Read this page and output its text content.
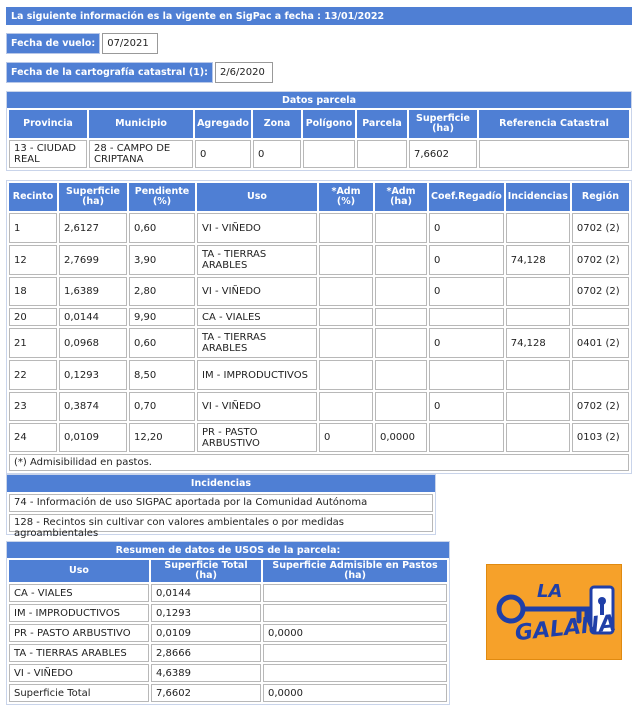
La siguiente información es la vigente en SigPac a fecha : 13/01/2022
Fecha de vuelo:	07/2021
Fecha de la cartografía catastral (1):	2/6/2020
Datos parcela
Provincia	Municipio	Agregado	Zona	Polígono	Parcela	Superficie (ha)	Referencia Catastral
13 - CIUDAD REAL	28 - CAMPO DE CRIPTANA	0	0			7,6602	
Recinto	Superficie (ha)	Pendiente (%)	Uso	*Adm (%)	*Adm (ha)	Coef.Regadío	Incidencias	Región
1	2,6127	0,60	VI - VIÑEDO			0		0702 (2)
12	2,7699	3,90	TA - TIERRAS ARABLES			0	74,128	0702 (2)
18	1,6389	2,80	VI - VIÑEDO			0		0702 (2)
20	0,0144	9,90	CA - VIALES					
21	0,0968	0,60	TA - TIERRAS ARABLES			0	74,128	0401 (2)
22	0,1293	8,50	IM - IMPRODUCTIVOS					
23	0,3874	0,70	VI - VIÑEDO			0		0702 (2)
24	0,0109	12,20	PR - PASTO ARBUSTIVO	0	0,0000			0103 (2)
(*) Admisibilidad en pastos.
Incidencias
74 - Información de uso SIGPAC aportada por la Comunidad Autónoma
128 - Recintos sin cultivar con valores ambientales o por medidas agroambientales
Resumen de datos de USOS de la parcela:
Uso	Superficie Total (ha)	Superficie Admisible en Pastos (ha)
CA - VIALES	0,0144	
IM - IMPRODUCTIVOS	0,1293	
PR - PASTO ARBUSTIVO	0,0109	0,0000
TA - TIERRAS ARABLES	2,8666	
VI - VIÑEDO	4,6389	
Superficie Total	7,6602	0,0000
LA
GALANA
